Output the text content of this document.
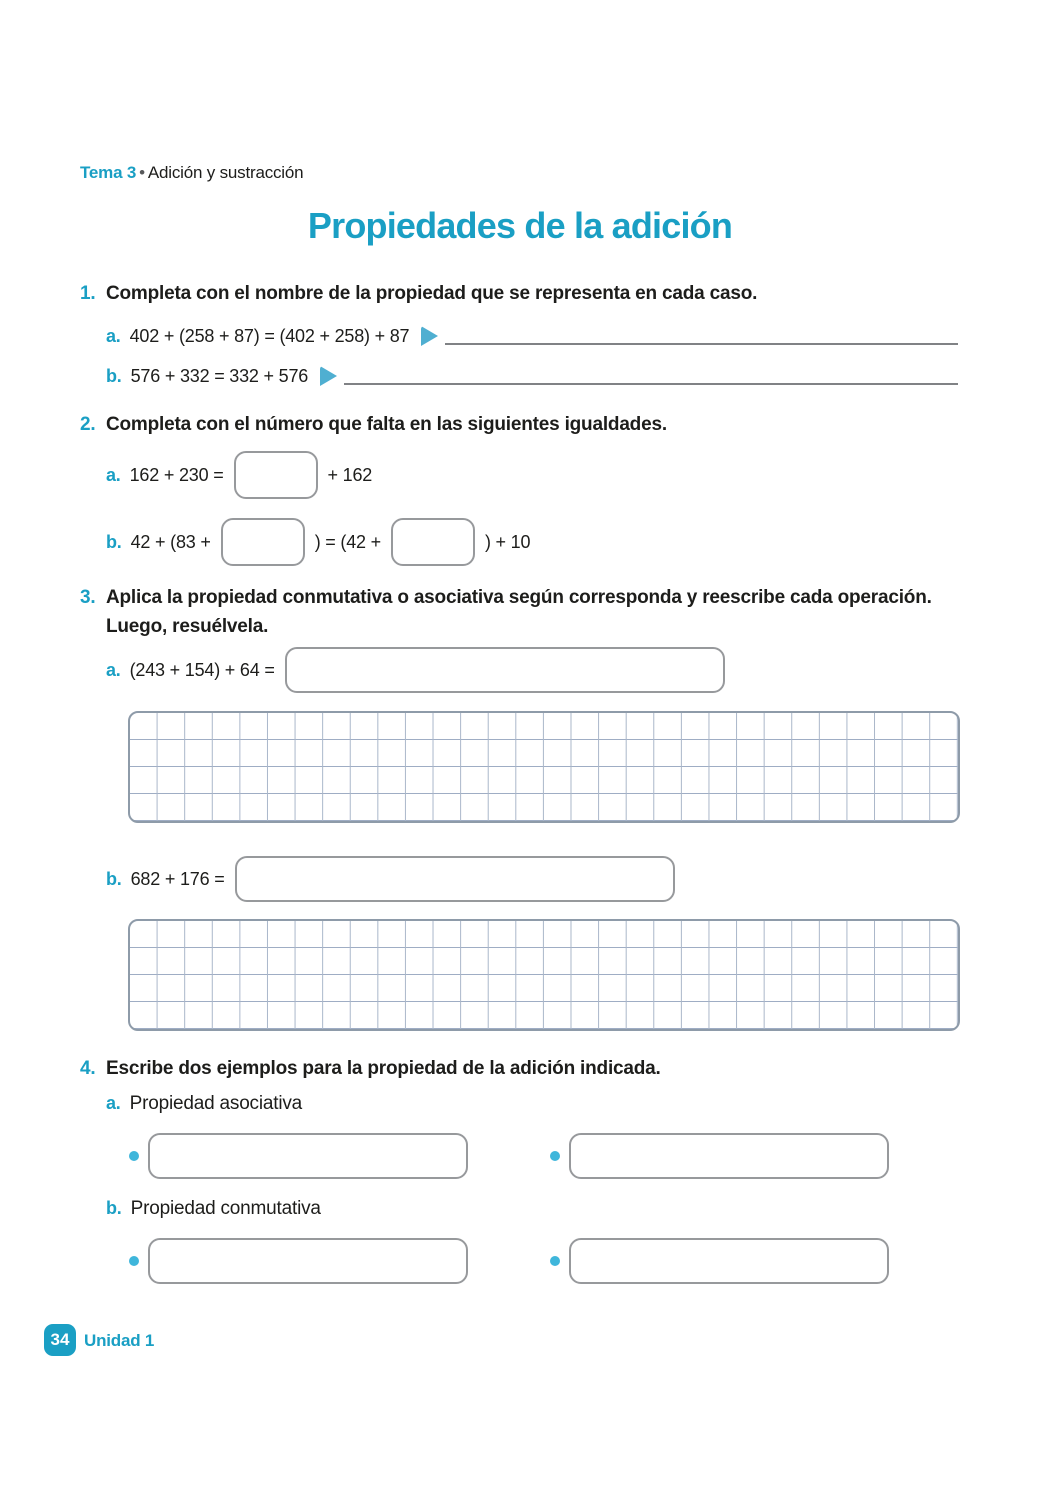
Tema 3 • Adición y sustracción
Propiedades de la adición
1. Completa con el nombre de la propiedad que se representa en cada caso.
a. 402 + (258 + 87) = (402 + 258) + 87
b. 576 + 332 = 332 + 576
2. Completa con el número que falta en las siguientes igualdades.
a. 162 + 230 =	+ 162
b. 42 + (83 +	) = (42 +	) + 10
3. Aplica la propiedad conmutativa o asociativa según corresponda y reescribe cada operación.
Luego, resuélvela.
a. (243 + 154) + 64 =
b. 682 + 176 =
4. Escribe dos ejemplos para la propiedad de la adición indicada.
a. Propiedad asociativa
b. Propiedad conmutativa
34 Unidad 1
